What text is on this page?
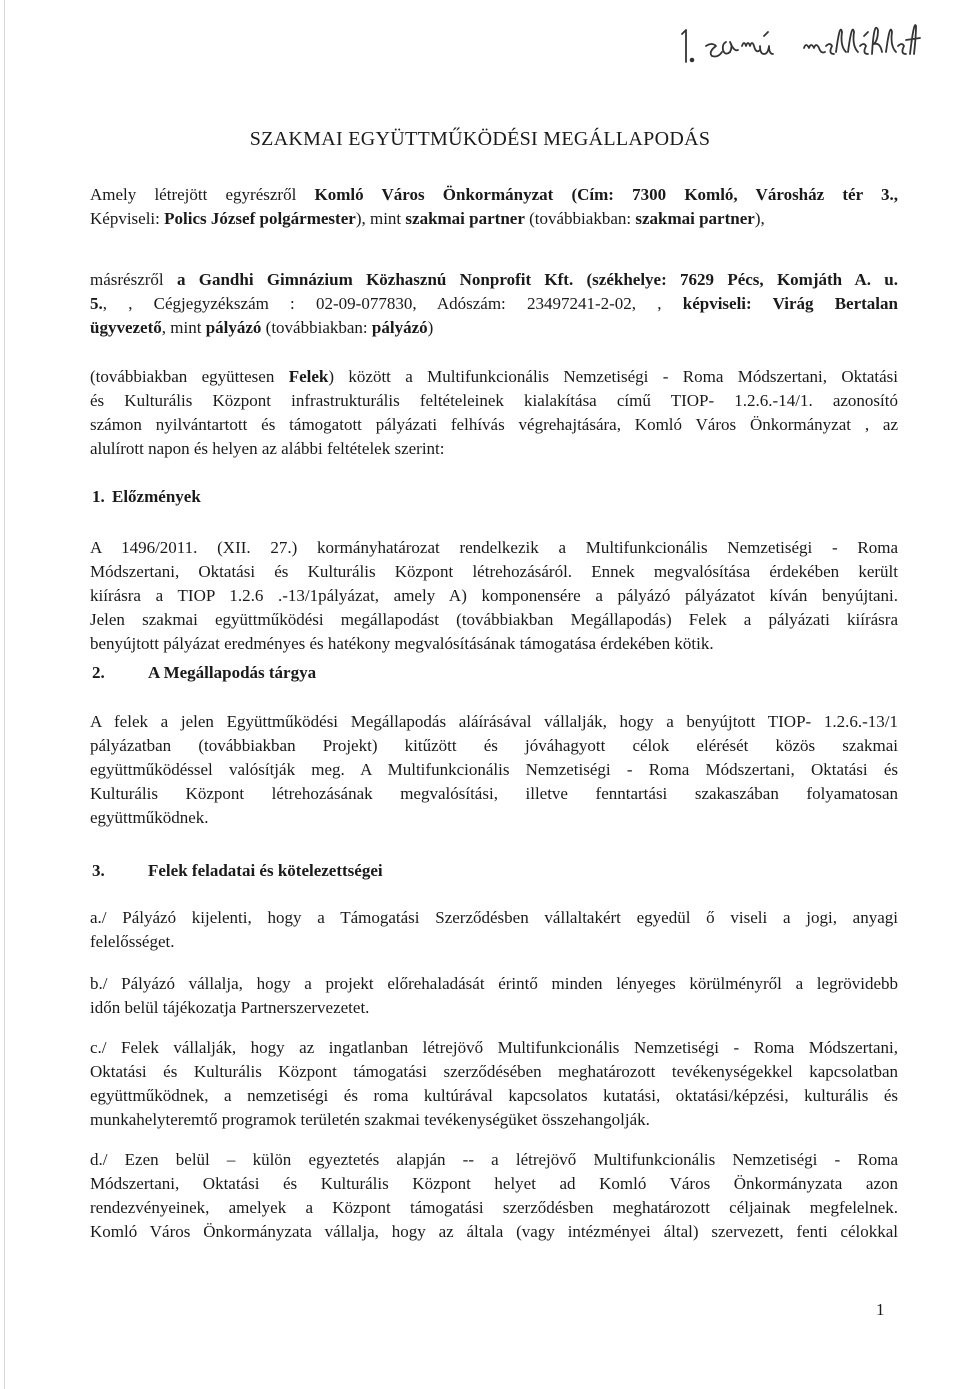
SZAKMAI EGYÜTTMŰKÖDÉSI MEGÁLLAPODÁS
Amely létrejött egyrészről Komló Város Önkormányzat (Cím: 7300 Komló, Városház tér 3.,
Képviseli: Polics József polgármester), mint szakmai partner (továbbiakban: szakmai partner),
másrészről a Gandhi Gimnázium Közhasznú Nonprofit Kft. (székhelye: 7629 Pécs, Komjáth A. u.
5., , Cégjegyzékszám : 02-09-077830, Adószám: 23497241-2-02, , képviseli: Virág Bertalan
ügyvezető, mint pályázó (továbbiakban: pályázó)
(továbbiakban együttesen Felek) között a Multifunkcionális Nemzetiségi - Roma Módszertani, Oktatási
és Kulturális Központ infrastrukturális feltételeinek kialakítása című TIOP- 1.2.6.-14/1. azonosító
számon nyilvántartott és támogatott pályázati felhívás végrehajtására, Komló Város Önkormányzat , az
alulírott napon és helyen az alábbi feltételek szerint:
1. Előzmények
A 1496/2011. (XII. 27.) kormányhatározat rendelkezik a Multifunkcionális Nemzetiségi - Roma
Módszertani, Oktatási és Kulturális Központ létrehozásáról. Ennek megvalósítása érdekében került
kiírásra a TIOP 1.2.6 .-13/1pályázat, amely A) komponensére a pályázó pályázatot kíván benyújtani.
Jelen szakmai együttműködési megállapodást (továbbiakban Megállapodás) Felek a pályázati kiírásra
benyújtott pályázat eredményes és hatékony megvalósításának támogatása érdekében kötik.
2.	A Megállapodás tárgya
A felek a jelen Együttműködési Megállapodás aláírásával vállalják, hogy a benyújtott TIOP- 1.2.6.-13/1
pályázatban (továbbiakban Projekt) kitűzött és jóváhagyott célok elérését közös szakmai
együttműködéssel valósítják meg. A Multifunkcionális Nemzetiségi - Roma Módszertani, Oktatási és
Kulturális Központ létrehozásának megvalósítási, illetve fenntartási szakaszában folyamatosan
együttműködnek.
3.	Felek feladatai és kötelezettségei
a./ Pályázó kijelenti, hogy a Támogatási Szerződésben vállaltakért egyedül ő viseli a jogi, anyagi
felelősséget.
b./ Pályázó vállalja, hogy a projekt előrehaladását érintő minden lényeges körülményről a legrövidebb
időn belül tájékozatja Partnerszervezetet.
c./ Felek vállalják, hogy az ingatlanban létrejövő Multifunkcionális Nemzetiségi - Roma Módszertani,
Oktatási és Kulturális Központ támogatási szerződésében meghatározott tevékenységekkel kapcsolatban
együttműködnek, a nemzetiségi és roma kultúrával kapcsolatos kutatási, oktatási/képzési, kulturális és
munkahelyteremtő programok területén szakmai tevékenységüket összehangolják.
d./ Ezen belül – külön egyeztetés alapján -- a létrejövő Multifunkcionális Nemzetiségi - Roma
Módszertani, Oktatási és Kulturális Központ helyet ad Komló Város Önkormányzata azon
rendezvényeinek, amelyek a Központ támogatási szerződésben meghatározott céljainak megfelelnek.
Komló Város Önkormányzata vállalja, hogy az általa (vagy intézményei által) szervezett, fenti célokkal
1
